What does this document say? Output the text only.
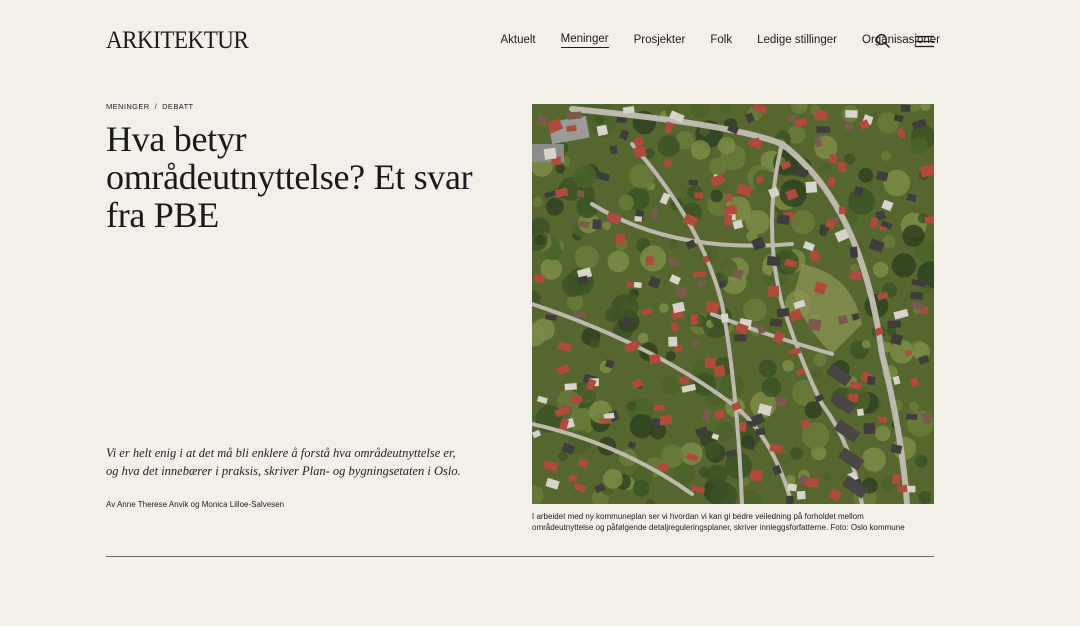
ARKITEKTUR	Aktuelt Meninger Prosjekter Folk Ledige stillinger Organisasjoner
MENINGER / DEBATT
Hva betyr områdeutnyttelse? Et svar fra PBE

Vi er helt enig i at det må bli enklere å forstå hva områdeutnyttelse er, og hva det innebærer i praksis, skriver Plan- og bygningsetaten i Oslo.

Av Anne Therese Anvik og Monica Lilloe-Salvesen

I arbeidet med ny kommuneplan ser vi hvordan vi kan gi bedre veiledning på forholdet mellom områdeutnyttelse og påfølgende detaljreguleringsplaner, skriver innleggsforfatterne. Foto: Oslo kommune
